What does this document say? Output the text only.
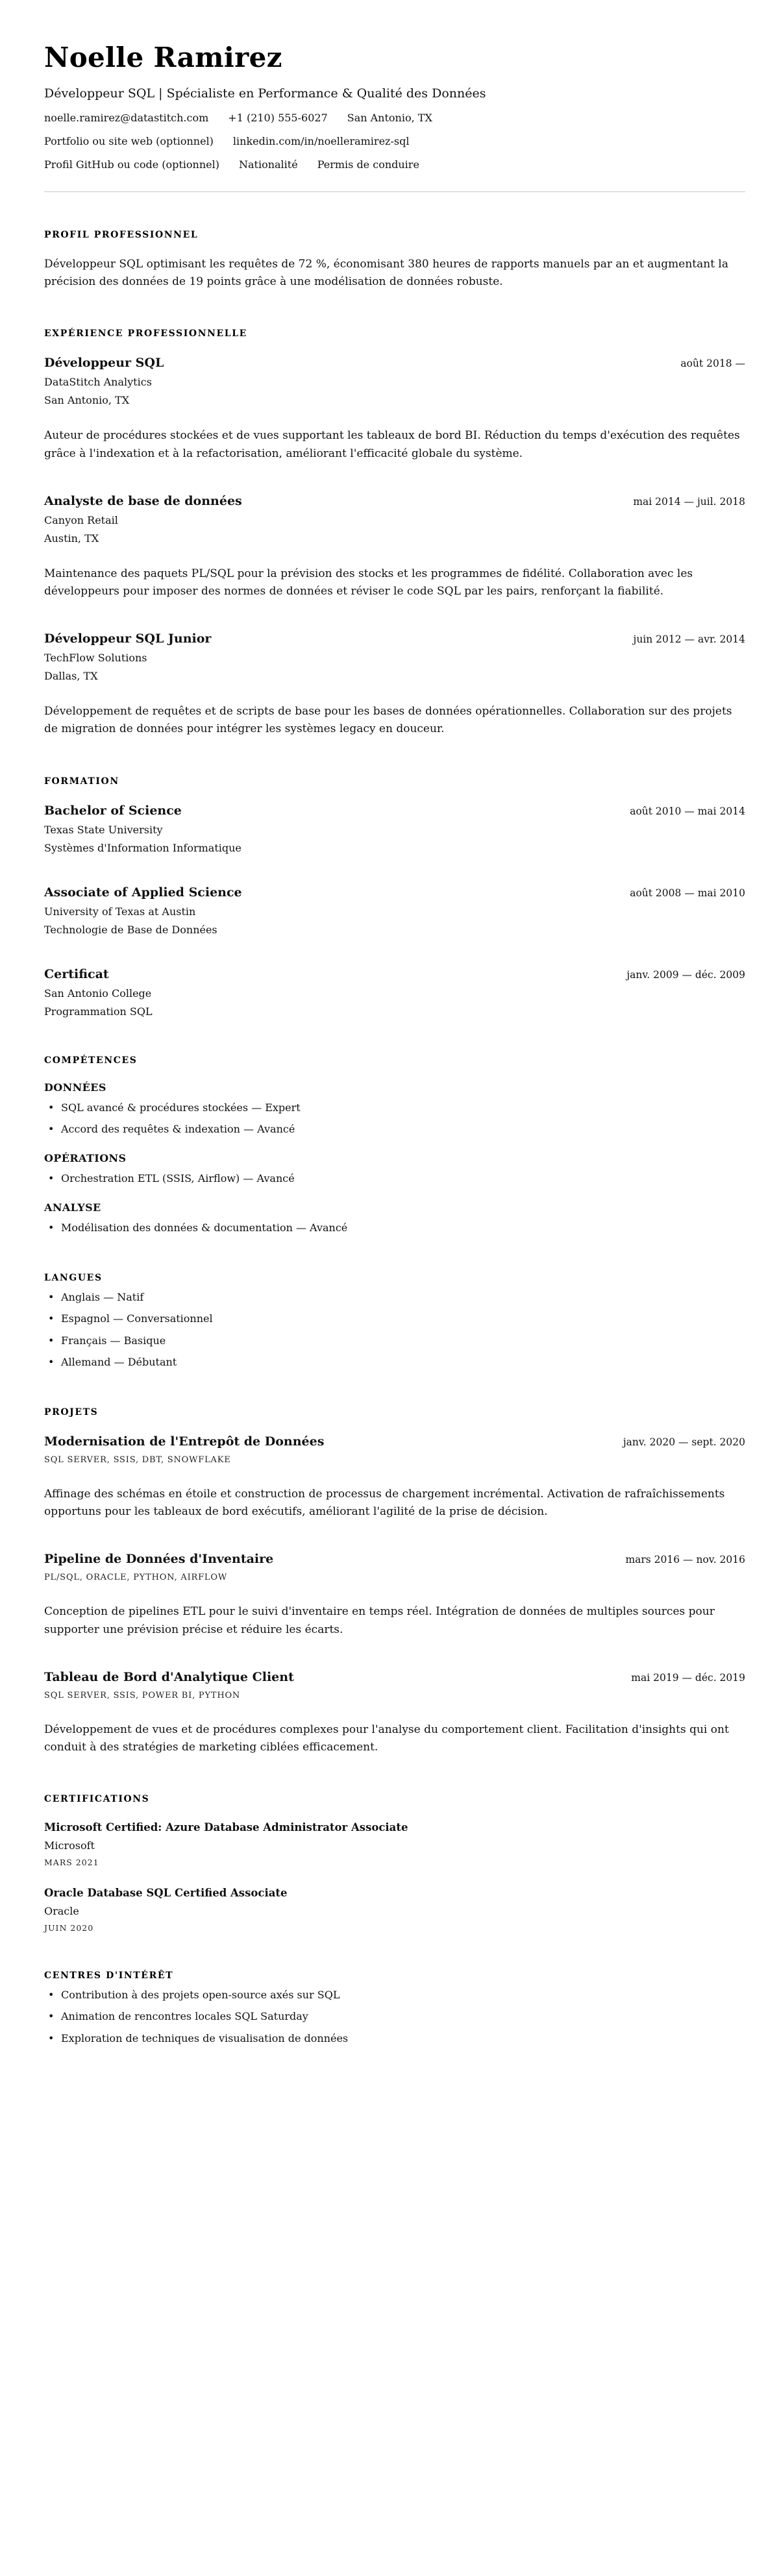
Noelle Ramirez

Développeur SQL | Spécialiste en Performance & Qualité des Données

noelle.ramirez@datastitch.com +1 (210) 555-6027 San Antonio, TX
Portfolio ou site web (optionnel) linkedin.com/in/noelleramirez-sql
Profil GitHub ou code (optionnel) Nationalité Permis de conduire
PROFIL PROFESSIONNEL

Développeur SQL optimisant les requêtes de 72 %, économisant 380 heures de rapports manuels par an et augmentant la précision des données de 19 points grâce à une modélisation de données robuste.

EXPÉRIENCE PROFESSIONNELLE
Développeur SQL	août 2018 —

DataStitch Analytics

San Antonio, TX

Auteur de procédures stockées et de vues supportant les tableaux de bord BI. Réduction du temps d'exécution des requêtes grâce à l'indexation et à la refactorisation, améliorant l'efficacité globale du système.

Analyste de base de données	mai 2014 — juil. 2018

Canyon Retail

Austin, TX

Maintenance des paquets PL/SQL pour la prévision des stocks et les programmes de fidélité. Collaboration avec les développeurs pour imposer des normes de données et réviser le code SQL par les pairs, renforçant la fiabilité.

Développeur SQL Junior	juin 2012 — avr. 2014

TechFlow Solutions

Dallas, TX

Développement de requêtes et de scripts de base pour les bases de données opérationnelles. Collaboration sur des projets de migration de données pour intégrer les systèmes legacy en douceur.

FORMATION
Bachelor of Science	août 2010 — mai 2014

Texas State University

Systèmes d'Information Informatique

Associate of Applied Science	août 2008 — mai 2010

University of Texas at Austin

Technologie de Base de Données

Certificat	janv. 2009 — déc. 2009

San Antonio College

Programmation SQL

COMPÉTENCES
DONNÉES
• SQL avancé & procédures stockées — Expert
• Accord des requêtes & indexation — Avancé
OPÉRATIONS
• Orchestration ETL (SSIS, Airflow) — Avancé
ANALYSE
• Modélisation des données & documentation — Avancé
LANGUES
• Anglais — Natif
• Espagnol — Conversationnel
• Français — Basique
• Allemand — Débutant
PROJETS
Modernisation de l'Entrepôt de Données	janv. 2020 — sept. 2020

SQL SERVER, SSIS, DBT, SNOWFLAKE

Affinage des schémas en étoile et construction de processus de chargement incrémental. Activation de rafraîchissements opportuns pour les tableaux de bord exécutifs, améliorant l'agilité de la prise de décision.

Pipeline de Données d'Inventaire	mars 2016 — nov. 2016

PL/SQL, ORACLE, PYTHON, AIRFLOW

Conception de pipelines ETL pour le suivi d'inventaire en temps réel. Intégration de données de multiples sources pour supporter une prévision précise et réduire les écarts.

Tableau de Bord d'Analytique Client	mai 2019 — déc. 2019

SQL SERVER, SSIS, POWER BI, PYTHON

Développement de vues et de procédures complexes pour l'analyse du comportement client. Facilitation d'insights qui ont conduit à des stratégies de marketing ciblées efficacement.

CERTIFICATIONS
Microsoft Certified: Azure Database Administrator Associate

Microsoft

MARS 2021

Oracle Database SQL Certified Associate

Oracle

JUIN 2020

CENTRES D'INTÉRÊT
• Contribution à des projets open-source axés sur SQL
• Animation de rencontres locales SQL Saturday
• Exploration de techniques de visualisation de données
